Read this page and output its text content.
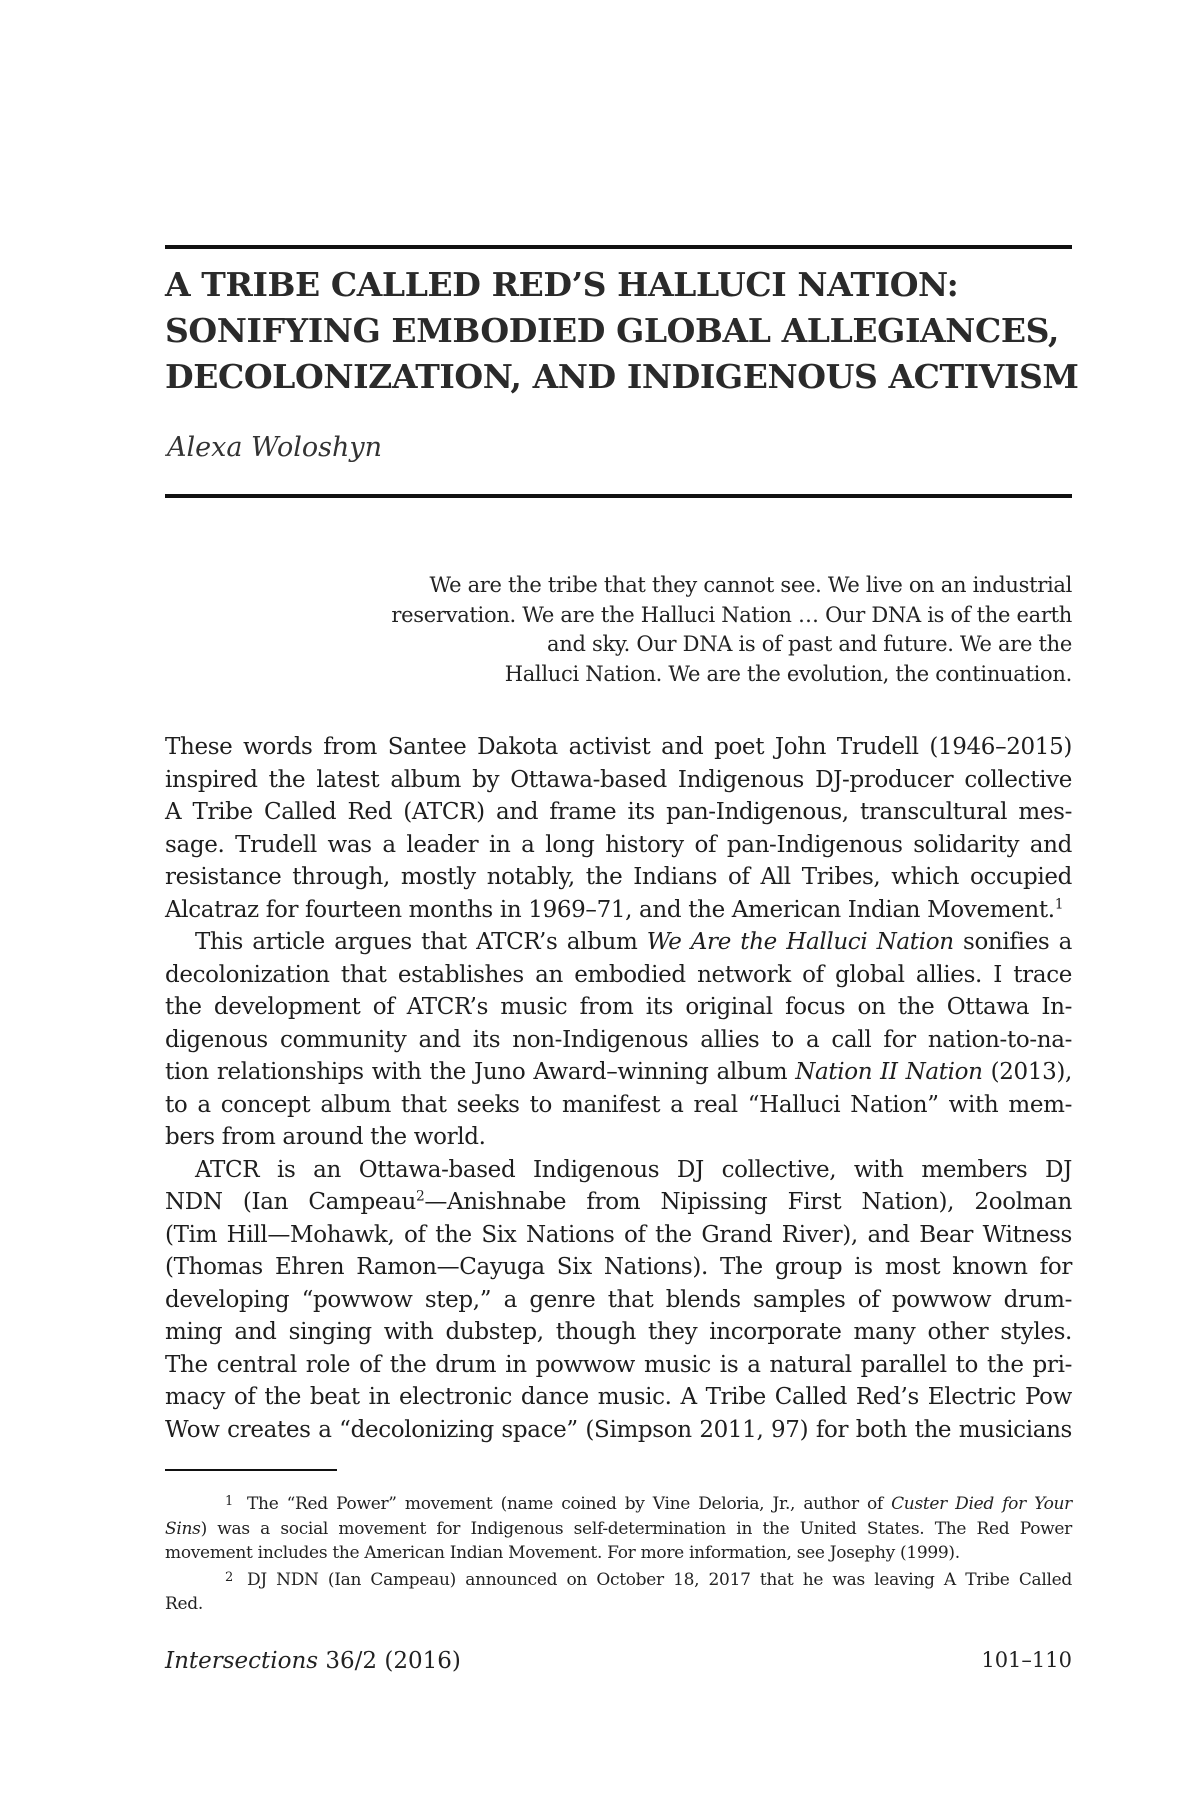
A TRIBE CALLED RED’S HALLUCI NATION:
SONIFYING EMBODIED GLOBAL ALLEGIANCES,
DECOLONIZATION, AND INDIGENOUS ACTIVISM
Alexa Woloshyn
We are the tribe that they cannot see. We live on an industrial
reservation. We are the Halluci Nation … Our DNA is of the earth
and sky. Our DNA is of past and future. We are the
Halluci Nation. We are the evolution, the continuation.
These words from Santee Dakota activist and poet John Trudell (1946–2015)
inspired the latest album by Ottawa-based Indigenous DJ-producer collective
A Tribe Called Red (ATCR) and frame its pan-Indigenous, transcultural mes-
sage. Trudell was a leader in a long history of pan-Indigenous solidarity and
resistance through, mostly notably, the Indians of All Tribes, which occupied
Alcatraz for fourteen months in 1969–71, and the American Indian Movement.$^1$
This article argues that ATCR’s album We Are the Halluci Nation sonifies a
decolonization that establishes an embodied network of global allies. I trace
the development of ATCR’s music from its original focus on the Ottawa In-
digenous community and its non-Indigenous allies to a call for nation-to-na-
tion relationships with the Juno Award–winning album Nation II Nation (2013),
to a concept album that seeks to manifest a real “Halluci Nation” with mem-
bers from around the world.
ATCR is an Ottawa-based Indigenous DJ collective, with members DJ
NDN (Ian Campeau$^2$—Anishnabe from Nipissing First Nation), 2oolman
(Tim Hill—Mohawk, of the Six Nations of the Grand River), and Bear Witness
(Thomas Ehren Ramon—Cayuga Six Nations). The group is most known for
developing “powwow step,” a genre that blends samples of powwow drum-
ming and singing with dubstep, though they incorporate many other styles.
The central role of the drum in powwow music is a natural parallel to the pri-
macy of the beat in electronic dance music. A Tribe Called Red’s Electric Pow
Wow creates a “decolonizing space” (Simpson 2011, 97) for both the musicians
1 The “Red Power” movement (name coined by Vine Deloria, Jr., author of Custer Died for Your
Sins) was a social movement for Indigenous self-determination in the United States. The Red Power
movement includes the American Indian Movement. For more information, see Josephy (1999).
2 DJ NDN (Ian Campeau) announced on October 18, 2017 that he was leaving A Tribe Called
Red.
Intersections 36/2 (2016)	101–110
